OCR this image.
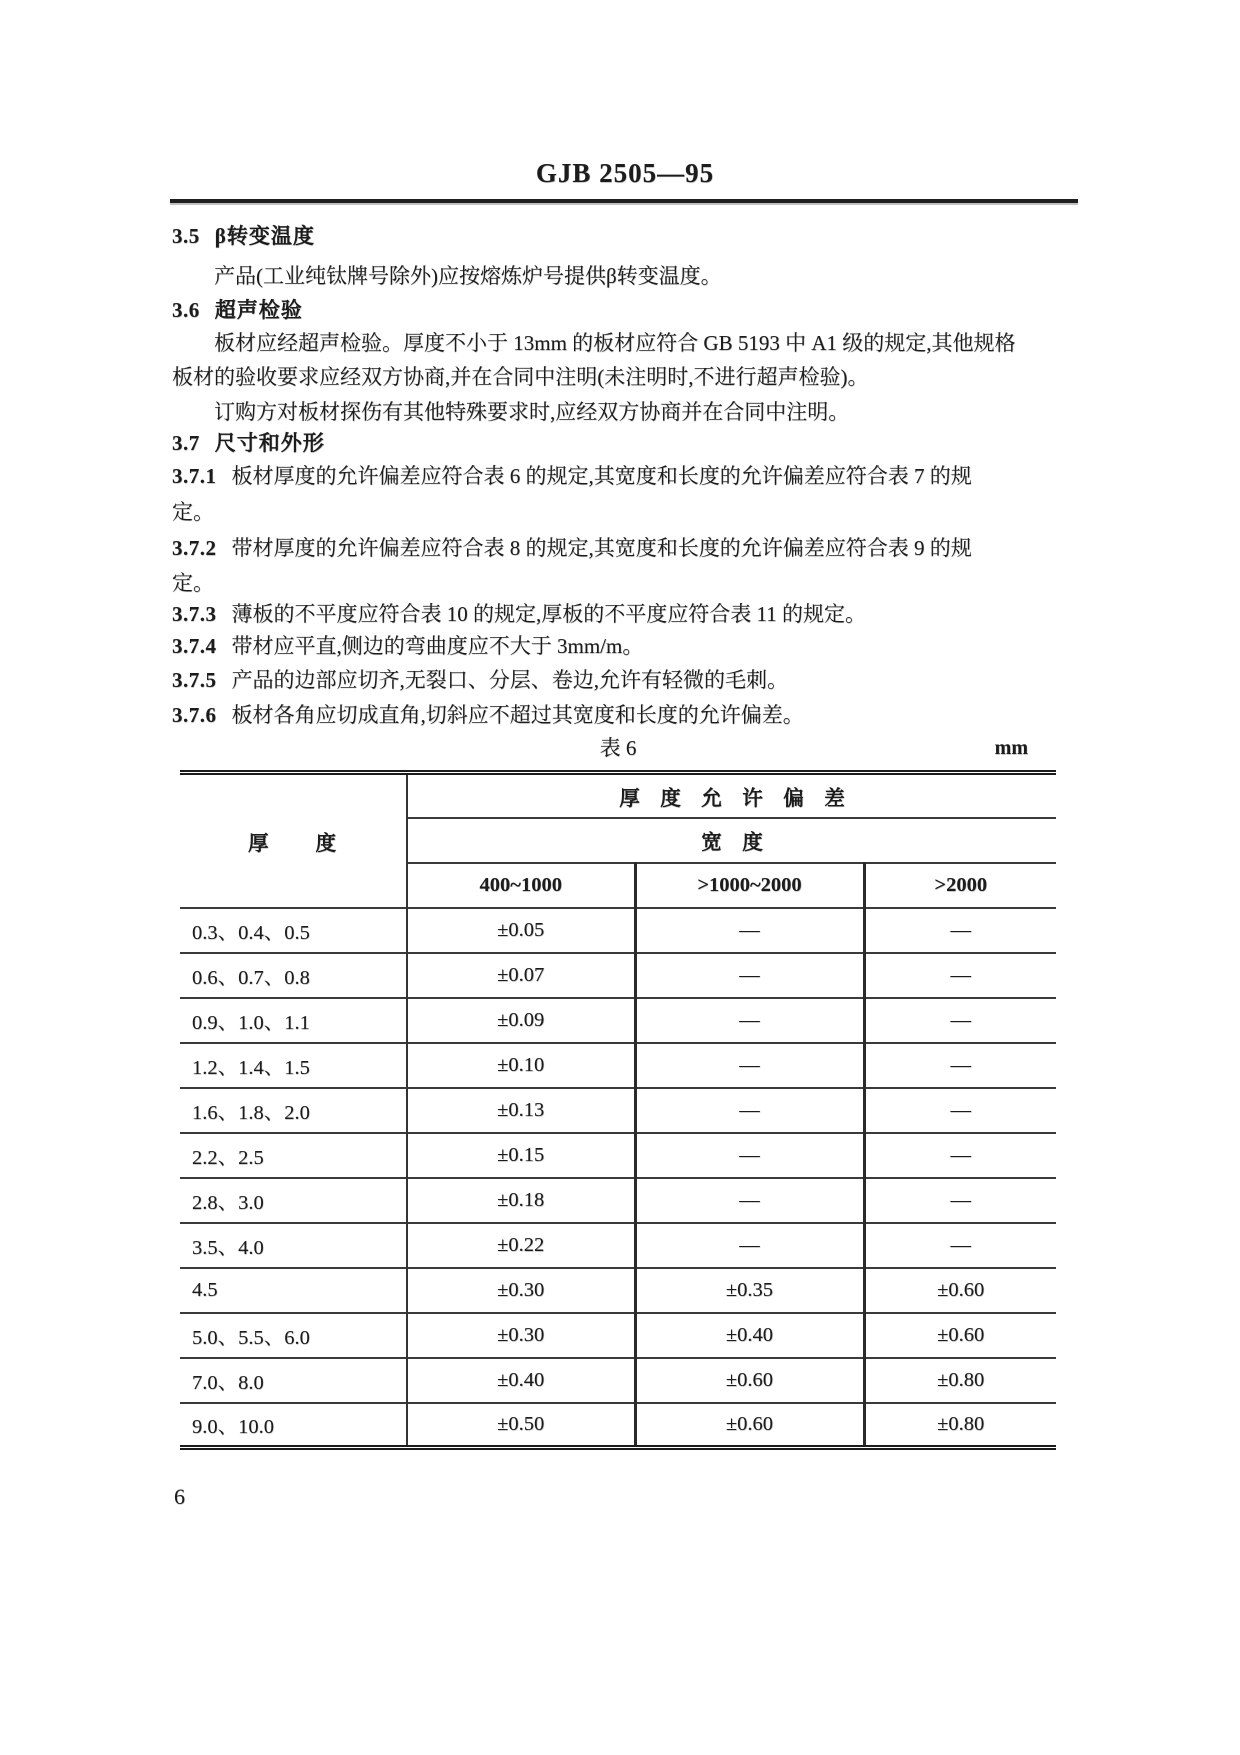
GJB 2505—95
3.5 β转变温度
产品(工业纯钛牌号除外)应按熔炼炉号提供β转变温度。
3.6 超声检验
板材应经超声检验。厚度不小于 13mm 的板材应符合 GB 5193 中 A1 级的规定,其他规格
板材的验收要求应经双方协商,并在合同中注明(未注明时,不进行超声检验)。
订购方对板材探伤有其他特殊要求时,应经双方协商并在合同中注明。
3.7 尺寸和外形
3.7.1 板材厚度的允许偏差应符合表 6 的规定,其宽度和长度的允许偏差应符合表 7 的规
定。
3.7.2 带材厚度的允许偏差应符合表 8 的规定,其宽度和长度的允许偏差应符合表 9 的规
定。
3.7.3 薄板的不平度应符合表 10 的规定,厚板的不平度应符合表 11 的规定。
3.7.4 带材应平直,侧边的弯曲度应不大于 3mm/m。
3.7.5 产品的边部应切齐,无裂口、分层、卷边,允许有轻微的毛刺。
3.7.6 板材各角应切成直角,切斜应不超过其宽度和长度的允许偏差。
表 6	mm
厚　　度	厚　度　允　许　偏　差		
	宽　度		
	400~1000	>1000~2000	>2000
0.3、0.4、0.5	±0.05	—	—
0.6、0.7、0.8	±0.07	—	—
0.9、1.0、1.1	±0.09	—	—
1.2、1.4、1.5	±0.10	—	—
1.6、1.8、2.0	±0.13	—	—
2.2、2.5	±0.15	—	—
2.8、3.0	±0.18	—	—
3.5、4.0	±0.22	—	—
4.5	±0.30	±0.35	±0.60
5.0、5.5、6.0	±0.30	±0.40	±0.60
7.0、8.0	±0.40	±0.60	±0.80
9.0、10.0	±0.50	±0.60	±0.80
6
